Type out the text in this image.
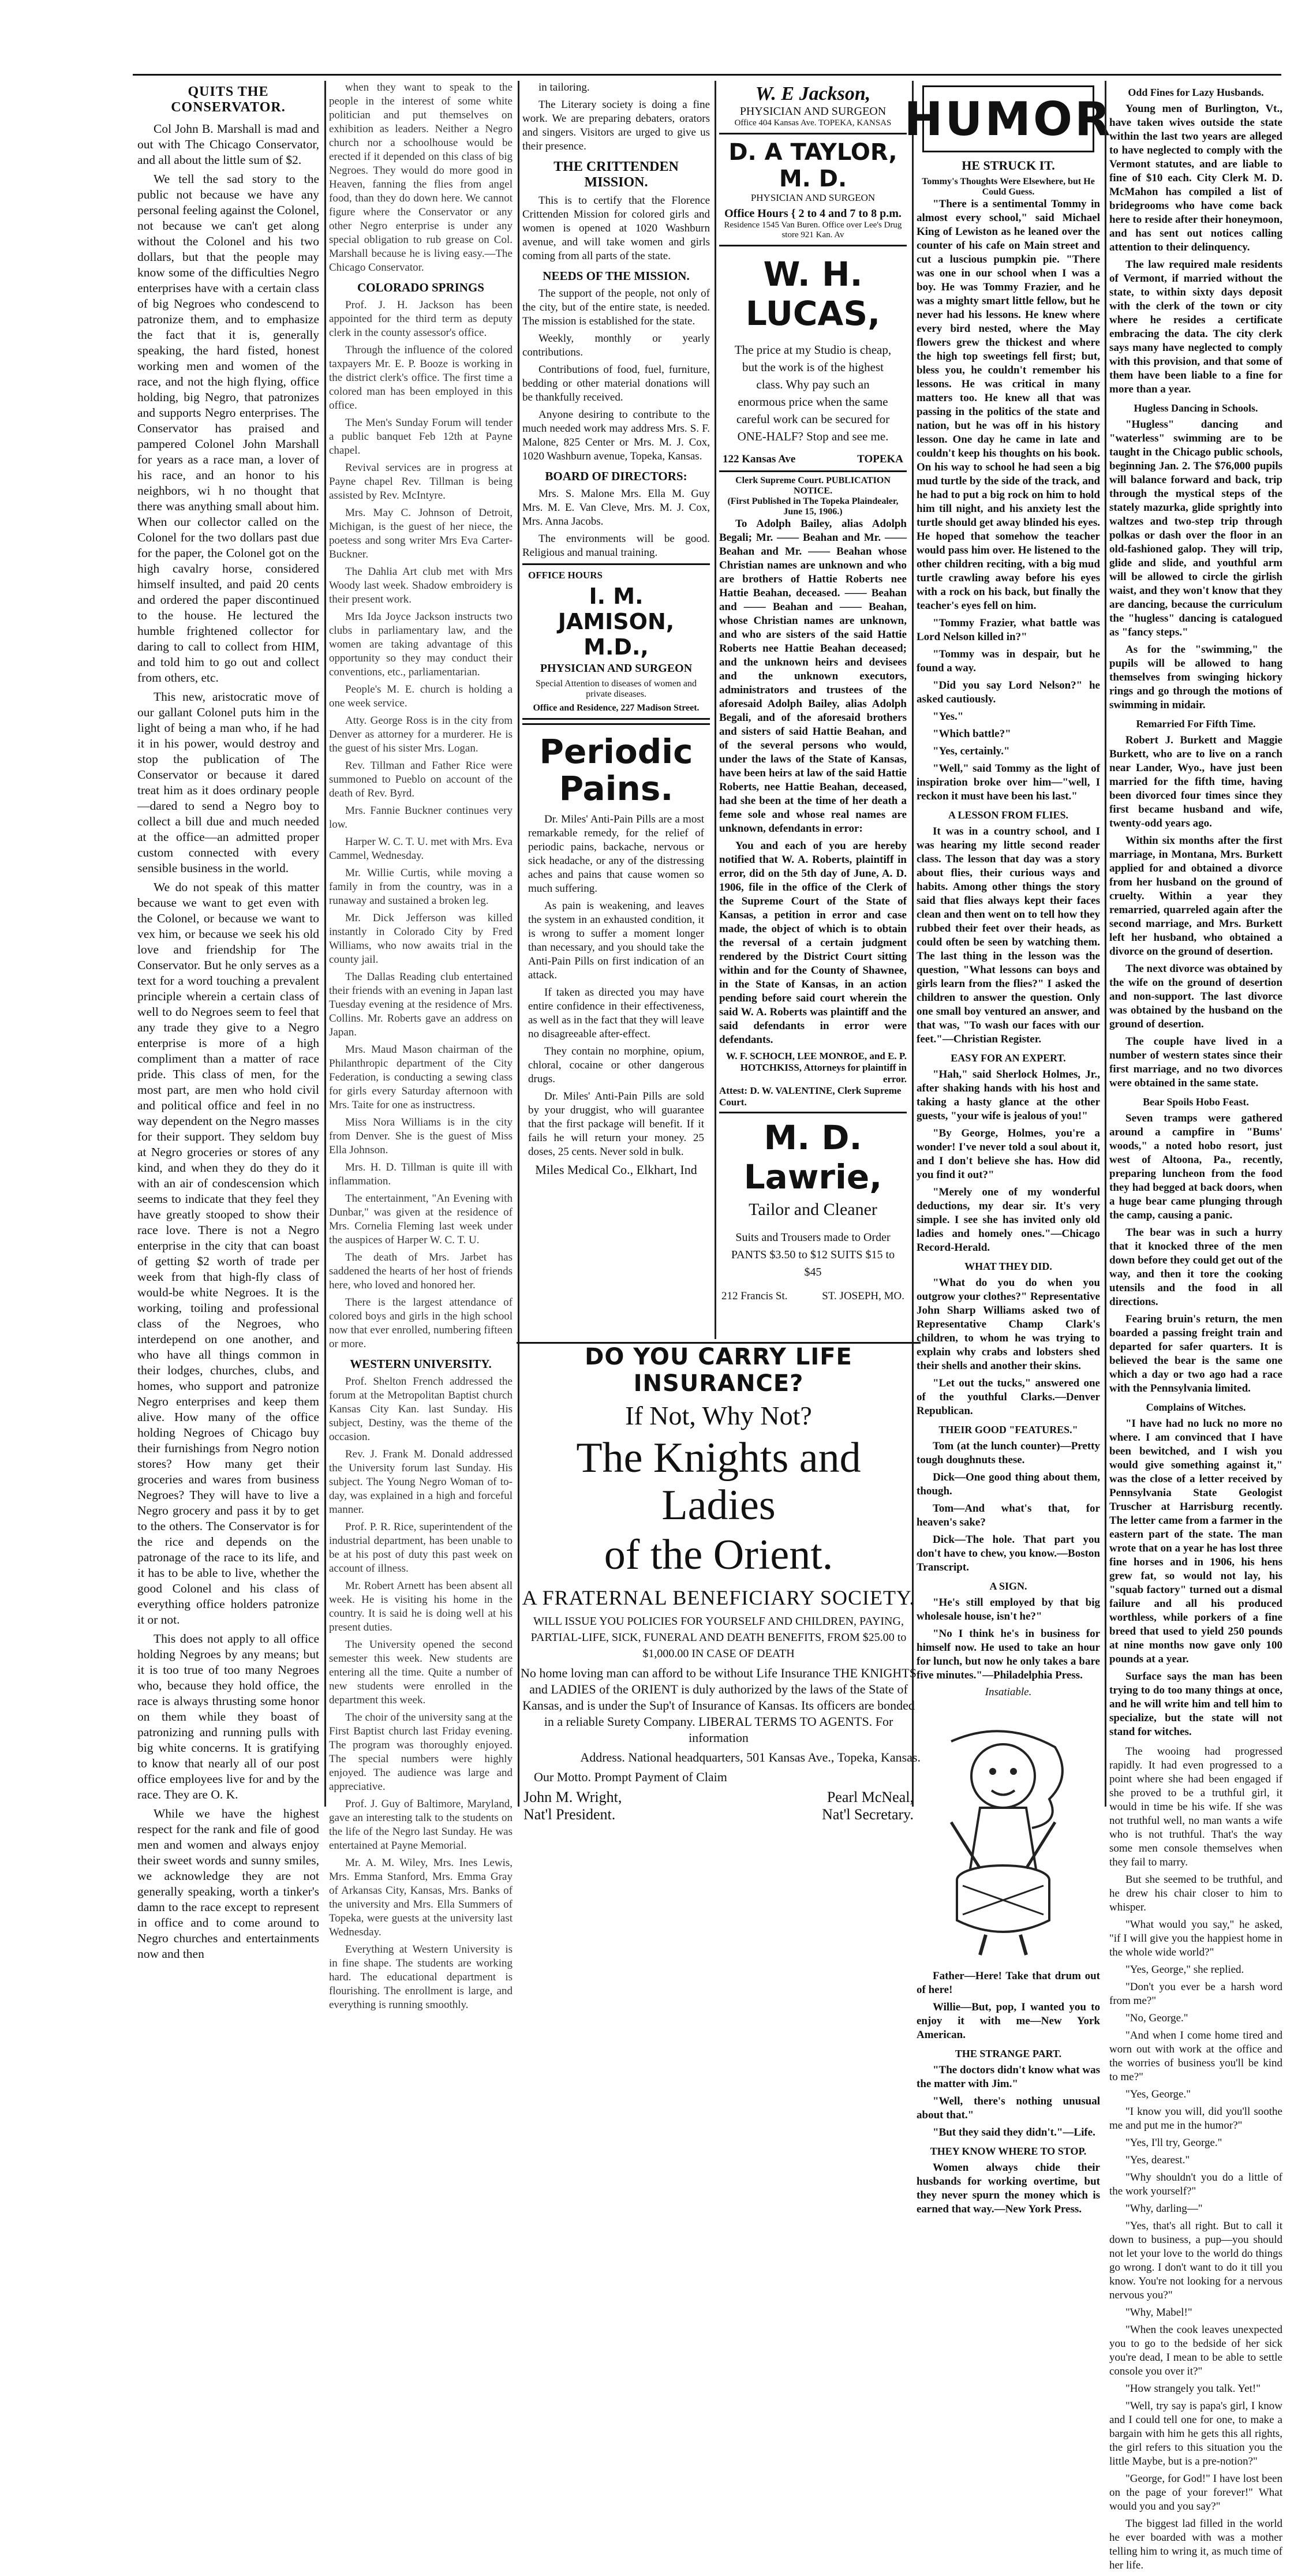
QUITS THE CONSERVATOR.

Col John B. Marshall is mad and out with The Chicago Conservator, and all about the little sum of $2.

We tell the sad story to the public not because we have any personal feeling against the Colonel, not because we can't get along without the Colonel and his two dollars, but that the people may know some of the difficulties Negro enterprises have with a certain class of big Negroes who condescend to patronize them, and to emphasize the fact that it is, generally speaking, the hard fisted, honest working men and women of the race, and not the high flying, office holding, big Negro, that patronizes and supports Negro enterprises. The Conservator has praised and pampered Colonel John Marshall for years as a race man, a lover of his race, and an honor to his neighbors, wi h no thought that there was anything small about him. When our collector called on the Colonel for the two dollars past due for the paper, the Colonel got on the high cavalry horse, considered himself insulted, and paid 20 cents and ordered the paper discontinued to the house. He lectured the humble frightened collector for daring to call to collect from HIM, and told him to go out and collect from others, etc.

This new, aristocratic move of our gallant Colonel puts him in the light of being a man who, if he had it in his power, would destroy and stop the publication of The Conservator or because it dared treat him as it does ordinary people —dared to send a Negro boy to collect a bill due and much needed at the office—an admitted proper custom connected with every sensible business in the world.

We do not speak of this matter because we want to get even with the Colonel, or because we want to vex him, or because we seek his old love and friendship for The Conservator. But he only serves as a text for a word touching a prevalent principle wherein a certain class of well to do Negroes seem to feel that any trade they give to a Negro enterprise is more of a high compliment than a matter of race pride. This class of men, for the most part, are men who hold civil and political office and feel in no way dependent on the Negro masses for their support. They seldom buy at Negro groceries or stores of any kind, and when they do they do it with an air of condescension which seems to indicate that they feel they have greatly stooped to show their race love. There is not a Negro enterprise in the city that can boast of getting $2 worth of trade per week from that high-fly class of would-be white Negroes. It is the working, toiling and professional class of the Negroes, who interdepend on one another, and who have all things common in their lodges, churches, clubs, and homes, who support and patronize Negro enterprises and keep them alive. How many of the office holding Negroes of Chicago buy their furnishings from Negro notion stores? How many get their groceries and wares from business Negroes? They will have to live a Negro grocery and pass it by to get to the others. The Conservator is for the rice and depends on the patronage of the race to its life, and it has to be able to live, whether the good Colonel and his class of everything office holders patronize it or not.

This does not apply to all office holding Negroes by any means; but it is too true of too many Negroes who, because they hold office, the race is always thrusting some honor on them while they boast of patronizing and running pulls with big white concerns. It is gratifying to know that nearly all of our post office employees live for and by the race. They are O. K.

While we have the highest respect for the rank and file of good men and women and always enjoy their sweet words and sunny smiles, we acknowledge they are not generally speaking, worth a tinker's damn to the race except to represent in office and to come around to Negro churches and entertainments now and then

when they want to speak to the people in the interest of some white politician and put themselves on exhibition as leaders. Neither a Negro church nor a schoolhouse would be erected if it depended on this class of big Negroes. They would do more good in Heaven, fanning the flies from angel food, than they do down here. We cannot figure where the Conservator or any other Negro enterprise is under any special obligation to rub grease on Col. Marshall because he is living easy.—The Chicago Conservator.

COLORADO SPRINGS

Prof. J. H. Jackson has been appointed for the third term as deputy clerk in the county assessor's office.

Through the influence of the colored taxpayers Mr. E. P. Booze is working in the district clerk's office. The first time a colored man has been employed in this office.

The Men's Sunday Forum will tender a public banquet Feb 12th at Payne chapel.

Revival services are in progress at Payne chapel Rev. Tillman is being assisted by Rev. McIntyre.

Mrs. May C. Johnson of Detroit, Michigan, is the guest of her niece, the poetess and song writer Mrs Eva Carter-Buckner.

The Dahlia Art club met with Mrs Woody last week. Shadow embroidery is their present work.

Mrs Ida Joyce Jackson instructs two clubs in parliamentary law, and the women are taking advantage of this opportunity so they may conduct their conventions, etc., parliamentarian.

People's M. E. church is holding a one week service.

Atty. George Ross is in the city from Denver as attorney for a murderer. He is the guest of his sister Mrs. Logan.

Rev. Tillman and Father Rice were summoned to Pueblo on account of the death of Rev. Byrd.

Mrs. Fannie Buckner continues very low.

Harper W. C. T. U. met with Mrs. Eva Cammel, Wednesday.

Mr. Willie Curtis, while moving a family in from the country, was in a runaway and sustained a broken leg.

Mr. Dick Jefferson was killed instantly in Colorado City by Fred Williams, who now awaits trial in the county jail.

The Dallas Reading club entertained their friends with an evening in Japan last Tuesday evening at the residence of Mrs. Collins. Mr. Roberts gave an address on Japan.

Mrs. Maud Mason chairman of the Philanthropic department of the City Federation, is conducting a sewing class for girls every Saturday afternoon with Mrs. Taite for one as instructress.

Miss Nora Williams is in the city from Denver. She is the guest of Miss Ella Johnson.

Mrs. H. D. Tillman is quite ill with inflammation.

The entertainment, "An Evening with Dunbar," was given at the residence of Mrs. Cornelia Fleming last week under the auspices of Harper W. C. T. U.

The death of Mrs. Jarbet has saddened the hearts of her host of friends here, who loved and honored her.

There is the largest attendance of colored boys and girls in the high school now that ever enrolled, numbering fifteen or more.

WESTERN UNIVERSITY.

Prof. Shelton French addressed the forum at the Metropolitan Baptist church Kansas City Kan. last Sunday. His subject, Destiny, was the theme of the occasion.

Rev. J. Frank M. Donald addressed the University forum last Sunday. His subject. The Young Negro Woman of to-day, was explained in a high and forceful manner.

Prof. P. R. Rice, superintendent of the industrial department, has been unable to be at his post of duty this past week on account of illness.

Mr. Robert Arnett has been absent all week. He is visiting his home in the country. It is said he is doing well at his present duties.

The University opened the second semester this week. New students are entering all the time. Quite a number of new students were enrolled in the department this week.

The choir of the university sang at the First Baptist church last Friday evening. The program was thoroughly enjoyed. The special numbers were highly enjoyed. The audience was large and appreciative.

Prof. J. Guy of Baltimore, Maryland, gave an interesting talk to the students on the life of the Negro last Sunday. He was entertained at Payne Memorial.

Mr. A. M. Wiley, Mrs. Ines Lewis, Mrs. Emma Stanford, Mrs. Emma Gray of Arkansas City, Kansas, Mrs. Banks of the university and Mrs. Ella Summers of Topeka, were guests at the university last Wednesday.

Everything at Western University is in fine shape. The students are working hard. The educational department is flourishing. The enrollment is large, and everything is running smoothly.

in tailoring.

The Literary society is doing a fine work. We are preparing debaters, orators and singers. Visitors are urged to give us their presence.

THE CRITTENDEN MISSION.

This is to certify that the Florence Crittenden Mission for colored girls and women is opened at 1020 Washburn avenue, and will take women and girls coming from all parts of the state.

NEEDS OF THE MISSION.

The support of the people, not only of the city, but of the entire state, is needed. The mission is established for the state.

Weekly, monthly or yearly contributions.

Contributions of food, fuel, furniture, bedding or other material donations will be thankfully received.

Anyone desiring to contribute to the much needed work may address Mrs. S. F. Malone, 825 Center or Mrs. M. J. Cox, 1020 Washburn avenue, Topeka, Kansas.

BOARD OF DIRECTORS:

Mrs. S. Malone Mrs. Ella M. Guy Mrs. M. E. Van Cleve, Mrs. M. J. Cox, Mrs. Anna Jacobs.

The environments will be good. Religious and manual training.

OFFICE HOURS
I. M. JAMISON, M.D.,
PHYSICIAN AND SURGEON
Special Attention to diseases of women and private diseases.
Office and Residence, 227 Madison Street.
Periodic Pains.

Dr. Miles' Anti-Pain Pills are a most remarkable remedy, for the relief of periodic pains, backache, nervous or sick headache, or any of the distressing aches and pains that cause women so much suffering.

As pain is weakening, and leaves the system in an exhausted condition, it is wrong to suffer a moment longer than necessary, and you should take the Anti-Pain Pills on first indication of an attack.

If taken as directed you may have entire confidence in their effectiveness, as well as in the fact that they will leave no disagreeable after-effect.

They contain no morphine, opium, chloral, cocaine or other dangerous drugs.

Dr. Miles' Anti-Pain Pills are sold by your druggist, who will guarantee that the first package will benefit. If it fails he will return your money. 25 doses, 25 cents. Never sold in bulk.

Miles Medical Co., Elkhart, Ind
W. E Jackson,
PHYSICIAN AND SURGEON
Office 404 Kansas Ave. TOPEKA, KANSAS
D. A TAYLOR, M. D.
PHYSICIAN AND SURGEON
Office Hours { 2 to 4 and 7 to 8 p.m.
Residence 1545 Van Buren. Office over Lee's Drug store 921 Kan. Av
W. H. LUCAS,

The price at my Studio is cheap, but the work is of the highest class. Why pay such an enormous price when the same careful work can be secured for ONE-HALF? Stop and see me.

122 Kansas Ave	TOPEKA
Clerk Supreme Court. PUBLICATION NOTICE.
(First Published in The Topeka Plaindealer, June 15, 1906.)

To Adolph Bailey, alias Adolph Begali; Mr. —— Beahan and Mr. —— Beahan and Mr. —— Beahan whose Christian names are unknown and who are brothers of Hattie Roberts nee Hattie Beahan, deceased. —— Beahan and —— Beahan and —— Beahan, whose Christian names are unknown, and who are sisters of the said Hattie Roberts nee Hattie Beahan deceased; and the unknown heirs and devisees and the unknown executors, administrators and trustees of the aforesaid Adolph Bailey, alias Adolph Begali, and of the aforesaid brothers and sisters of said Hattie Beahan, and of the several persons who would, under the laws of the State of Kansas, have been heirs at law of the said Hattie Roberts, nee Hattie Beahan, deceased, had she been at the time of her death a feme sole and whose real names are unknown, defendants in error:

You and each of you are hereby notified that W. A. Roberts, plaintiff in error, did on the 5th day of June, A. D. 1906, file in the office of the Clerk of the Supreme Court of the State of Kansas, a petition in error and case made, the object of which is to obtain the reversal of a certain judgment rendered by the District Court sitting within and for the County of Shawnee, in the State of Kansas, in an action pending before said court wherein the said W. A. Roberts was plaintiff and the said defendants in error were defendants.

W. F. SCHOCH, LEE MONROE, and E. P. HOTCHKISS, Attorneys for plaintiff in error.
Attest: D. W. VALENTINE, Clerk Supreme Court.
M. D. Lawrie,
Tailor and Cleaner

Suits and Trousers made to Order PANTS $3.50 to $12 SUITS $15 to $45

212 Francis St.	ST. JOSEPH, MO.
DO YOU CARRY LIFE INSURANCE?
If Not, Why Not?
The Knights and Ladies
of the Orient.
A FRATERNAL BENEFICIARY SOCIETY.
WILL ISSUE YOU POLICIES FOR YOURSELF AND CHILDREN, PAYING, PARTIAL-LIFE, SICK, FUNERAL AND DEATH BENEFITS, FROM $25.00 to $1,000.00 IN CASE OF DEATH
No home loving man can afford to be without Life Insurance THE KNIGHTS and LADIES of the ORIENT is duly authorized by the laws of the State of Kansas, and is under the Sup't of Insurance of Kansas. Its officers are bonded in a reliable Surety Company. LIBERAL TERMS TO AGENTS. For information
Address. National headquarters, 501 Kansas Ave., Topeka, Kansas.
Our Motto. Prompt Payment of Claim
John M. Wright,	Pearl McNeal,
Nat'l President.	Nat'l Secretary.
HUMOR
HE STRUCK IT.
Tommy's Thoughts Were Elsewhere, but He Could Guess.

"There is a sentimental Tommy in almost every school," said Michael King of Lewiston as he leaned over the counter of his cafe on Main street and cut a luscious pumpkin pie. "There was one in our school when I was a boy. He was Tommy Frazier, and he was a mighty smart little fellow, but he never had his lessons. He knew where every bird nested, where the May flowers grew the thickest and where the high top sweetings fell first; but, bless you, he couldn't remember his lessons. He was critical in many matters too. He knew all that was passing in the politics of the state and nation, but he was off in his history lesson. One day he came in late and couldn't keep his thoughts on his book. On his way to school he had seen a big mud turtle by the side of the track, and he had to put a big rock on him to hold him till night, and his anxiety lest the turtle should get away blinded his eyes. He hoped that somehow the teacher would pass him over. He listened to the other children reciting, with a big mud turtle crawling away before his eyes with a rock on his back, but finally the teacher's eyes fell on him.

"Tommy Frazier, what battle was Lord Nelson killed in?"

"Tommy was in despair, but he found a way.

"Did you say Lord Nelson?" he asked cautiously.

"Yes."

"Which battle?"

"Yes, certainly."

"Well," said Tommy as the light of inspiration broke over him—"well, I reckon it must have been his last."

A LESSON FROM FLIES.

It was in a country school, and I was hearing my little second reader class. The lesson that day was a story about flies, their curious ways and habits. Among other things the story said that flies always kept their faces clean and then went on to tell how they rubbed their feet over their heads, as could often be seen by watching them. The last thing in the lesson was the question, "What lessons can boys and girls learn from the flies?" I asked the children to answer the question. Only one small boy ventured an answer, and that was, "To wash our faces with our feet."—Christian Register.

EASY FOR AN EXPERT.

"Hah," said Sherlock Holmes, Jr., after shaking hands with his host and taking a hasty glance at the other guests, "your wife is jealous of you!"

"By George, Holmes, you're a wonder! I've never told a soul about it, and I don't believe she has. How did you find it out?"

"Merely one of my wonderful deductions, my dear sir. It's very simple. I see she has invited only old ladies and homely ones."—Chicago Record-Herald.

WHAT THEY DID.

"What do you do when you outgrow your clothes?" Representative John Sharp Williams asked two of Representative Champ Clark's children, to whom he was trying to explain why crabs and lobsters shed their shells and another their skins.

"Let out the tucks," answered one of the youthful Clarks.—Denver Republican.

THEIR GOOD "FEATURES."

Tom (at the lunch counter)—Pretty tough doughnuts these.

Dick—One good thing about them, though.

Tom—And what's that, for heaven's sake?

Dick—The hole. That part you don't have to chew, you know.—Boston Transcript.

A SIGN.

"He's still employed by that big wholesale house, isn't he?"

"No I think he's in business for himself now. He used to take an hour for lunch, but now he only takes a bare five minutes."—Philadelphia Press.

Insatiable.

Father—Here! Take that drum out of here!

Willie—But, pop, I wanted you to enjoy it with me—New York American.

THE STRANGE PART.

"The doctors didn't know what was the matter with Jim."

"Well, there's nothing unusual about that."

"But they said they didn't."—Life.

THEY KNOW WHERE TO STOP.

Women always chide their husbands for working overtime, but they never spurn the money which is earned that way.—New York Press.

Odd Fines for Lazy Husbands.

Young men of Burlington, Vt., have taken wives outside the state within the last two years are alleged to have neglected to comply with the Vermont statutes, and are liable to fine of $10 each. City Clerk M. D. McMahon has compiled a list of bridegrooms who have come back here to reside after their honeymoon, and has sent out notices calling attention to their delinquency.

The law required male residents of Vermont, if married without the state, to within sixty days deposit with the clerk of the town or city where he resides a certificate embracing the data. The city clerk says many have neglected to comply with this provision, and that some of them have been liable to a fine for more than a year.

Hugless Dancing in Schools.

"Hugless" dancing and "waterless" swimming are to be taught in the Chicago public schools, beginning Jan. 2. The $76,000 pupils will balance forward and back, trip through the mystical steps of the stately mazurka, glide sprightly into waltzes and two-step trip through polkas or dash over the floor in an old-fashioned galop. They will trip, glide and slide, and youthful arm will be allowed to circle the girlish waist, and they won't know that they are dancing, because the curriculum the "hugless" dancing is catalogued as "fancy steps."

As for the "swimming," the pupils will be allowed to hang themselves from swinging hickory rings and go through the motions of swimming in midair.

Remarried For Fifth Time.

Robert J. Burkett and Maggie Burkett, who are to live on a ranch near Lander, Wyo., have just been married for the fifth time, having been divorced four times since they first became husband and wife, twenty-odd years ago.

Within six months after the first marriage, in Montana, Mrs. Burkett applied for and obtained a divorce from her husband on the ground of cruelty. Within a year they remarried, quarreled again after the second marriage, and Mrs. Burkett left her husband, who obtained a divorce on the ground of desertion.

The next divorce was obtained by the wife on the ground of desertion and non-support. The last divorce was obtained by the husband on the ground of desertion.

The couple have lived in a number of western states since their first marriage, and no two divorces were obtained in the same state.

Bear Spoils Hobo Feast.

Seven tramps were gathered around a campfire in "Bums' woods," a noted hobo resort, just west of Altoona, Pa., recently, preparing luncheon from the food they had begged at back doors, when a huge bear came plunging through the camp, causing a panic.

The bear was in such a hurry that it knocked three of the men down before they could get out of the way, and then it tore the cooking utensils and the food in all directions.

Fearing bruin's return, the men boarded a passing freight train and departed for safer quarters. It is believed the bear is the same one which a day or two ago had a race with the Pennsylvania limited.

Complains of Witches.

"I have had no luck no more no where. I am convinced that I have been bewitched, and I wish you would give something against it," was the close of a letter received by Pennsylvania State Geologist Truscher at Harrisburg recently. The letter came from a farmer in the eastern part of the state. The man wrote that on a year he has lost three fine horses and in 1906, his hens grew fat, so would not lay, his "squab factory" turned out a dismal failure and all his produced worthless, while porkers of a fine breed that used to yield 250 pounds at nine months now gave only 100 pounds at a year.

Surface says the man has been trying to do too many things at once, and he will write him and tell him to specialize, but the state will not stand for witches.

The wooing had progressed rapidly. It had even progressed to a point where she had been engaged if she proved to be a truthful girl, it would in time be his wife. If she was not truthful well, no man wants a wife who is not truthful. That's the way some men console themselves when they fail to marry.

But she seemed to be truthful, and he drew his chair closer to him to whisper.

"What would you say," he asked, "if I will give you the happiest home in the whole wide world?"

"Yes, George," she replied.

"Don't you ever be a harsh word from me?"

"No, George."

"And when I come home tired and worn out with work at the office and the worries of business you'll be kind to me?"

"Yes, George."

"I know you will, did you'll soothe me and put me in the humor?"

"Yes, I'll try, George."

"Yes, dearest."

"Why shouldn't you do a little of the work yourself?"

"Why, darling—"

"Yes, that's all right. But to call it down to business, a pup—you should not let your love to the world do things go wrong. I don't want to do it till you know. You're not looking for a nervous nervous you?"

"Why, Mabel!"

"When the cook leaves unexpected you to go to the bedside of her sick you're dead, I mean to be able to settle console you over it?"

"How strangely you talk. Yet!"

"Well, try say is papa's girl, I know and I could tell one for one, to make a bargain with him he gets this all rights, the girl refers to this situation you the little Maybe, but is a pre-notion?"

"George, for God!" I have lost been on the page of your forever!" What would you and you say?"

The biggest lad filled in the world he ever boarded with was a mother telling him to wring it, as much time of her life.
